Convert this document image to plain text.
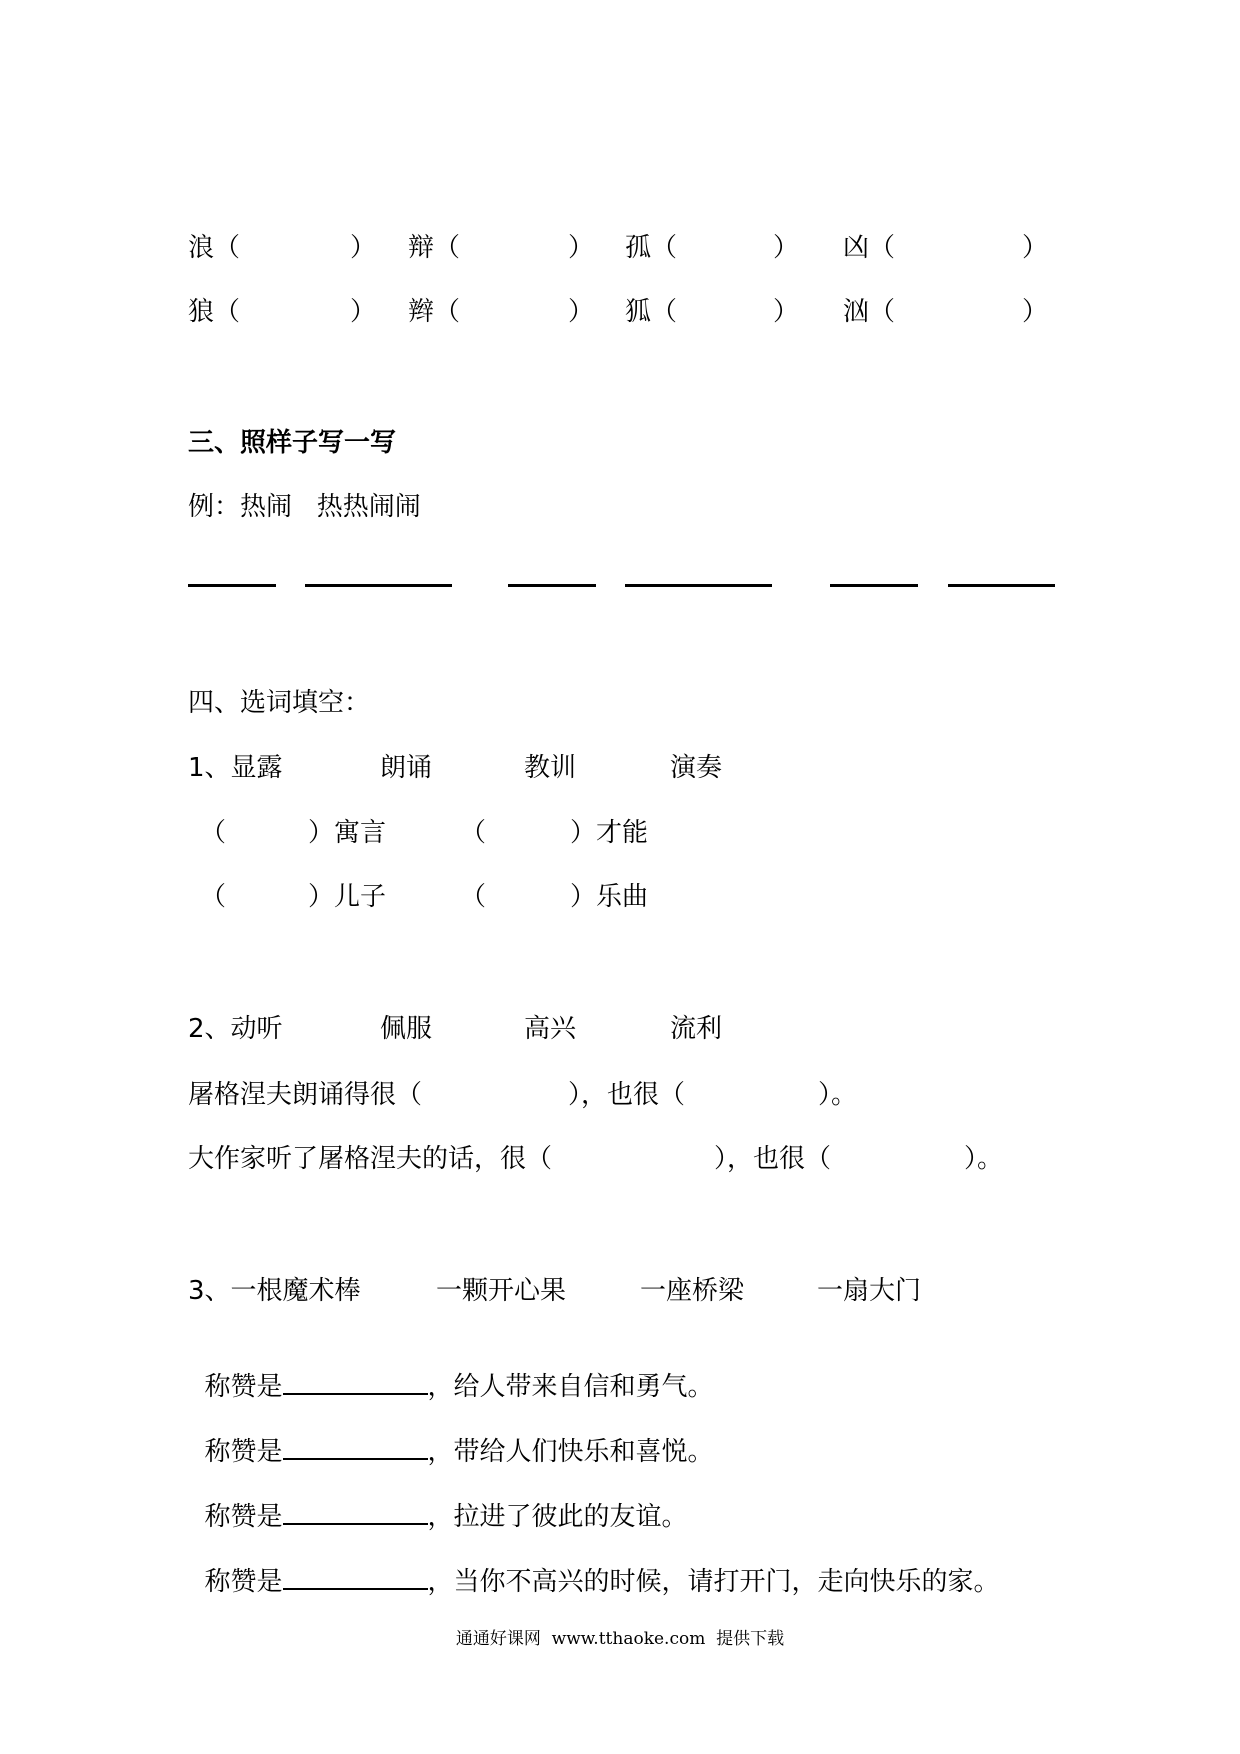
浪（	） 辩（	） 孤（	） 凶（	）
狼（	） 辫（	） 狐（	） 汹（	）
三、照样子写一写
例：热闹   热热闹闹
四、选词填空：
1、显露	朗诵	教训	演奏
（	）寓言	（	）才能
（	）儿子	（	）乐曲
2、动听	佩服	高兴	流利
屠格涅夫朗诵得很（	），也很（	）。
大作家听了屠格涅夫的话，很（	），也很（	）。
3、一根魔术棒	一颗开心果	一座桥梁	一扇大门

称赞是	，给人带来自信和勇气。

称赞是	，带给人们快乐和喜悦。

称赞是	，拉进了彼此的友谊。

称赞是	，当你不高兴的时候，请打开门，走向快乐的家。

通通好课网  www.tthaoke.com  提供下载
